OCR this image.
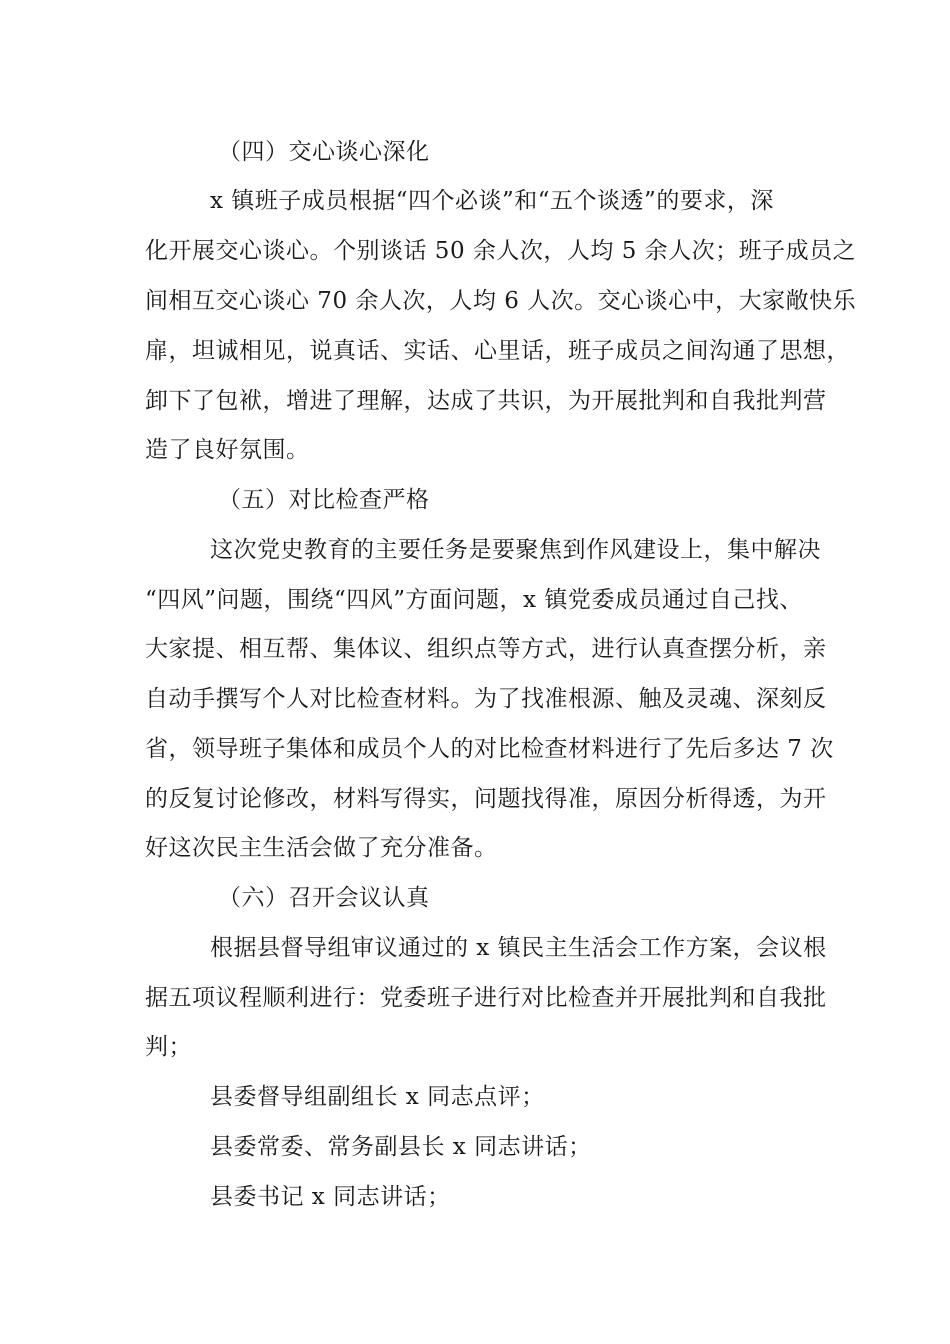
（四）交心谈心深化
x 镇班子成员根据“四个必谈”和“五个谈透”的要求，深
化开展交心谈心。个别谈话 50 余人次，人均 5 余人次；班子成员之
间相互交心谈心 70 余人次，人均 6 人次。交心谈心中，大家敞快乐
扉，坦诚相见，说真话、实话、心里话，班子成员之间沟通了思想，
卸下了包袱，增进了理解，达成了共识，为开展批判和自我批判营
造了良好氛围。
（五）对比检查严格
这次党史教育的主要任务是要聚焦到作风建设上，集中解决
“四风”问题，围绕“四风”方面问题，x 镇党委成员通过自己找、
大家提、相互帮、集体议、组织点等方式，进行认真查摆分析，亲
自动手撰写个人对比检查材料。为了找准根源、触及灵魂、深刻反
省，领导班子集体和成员个人的对比检查材料进行了先后多达 7 次
的反复讨论修改，材料写得实，问题找得准，原因分析得透，为开
好这次民主生活会做了充分准备。
（六）召开会议认真
根据县督导组审议通过的 x 镇民主生活会工作方案，会议根
据五项议程顺利进行：党委班子进行对比检查并开展批判和自我批
判；
县委督导组副组长 x 同志点评；
县委常委、常务副县长 x 同志讲话；
县委书记 x 同志讲话；
